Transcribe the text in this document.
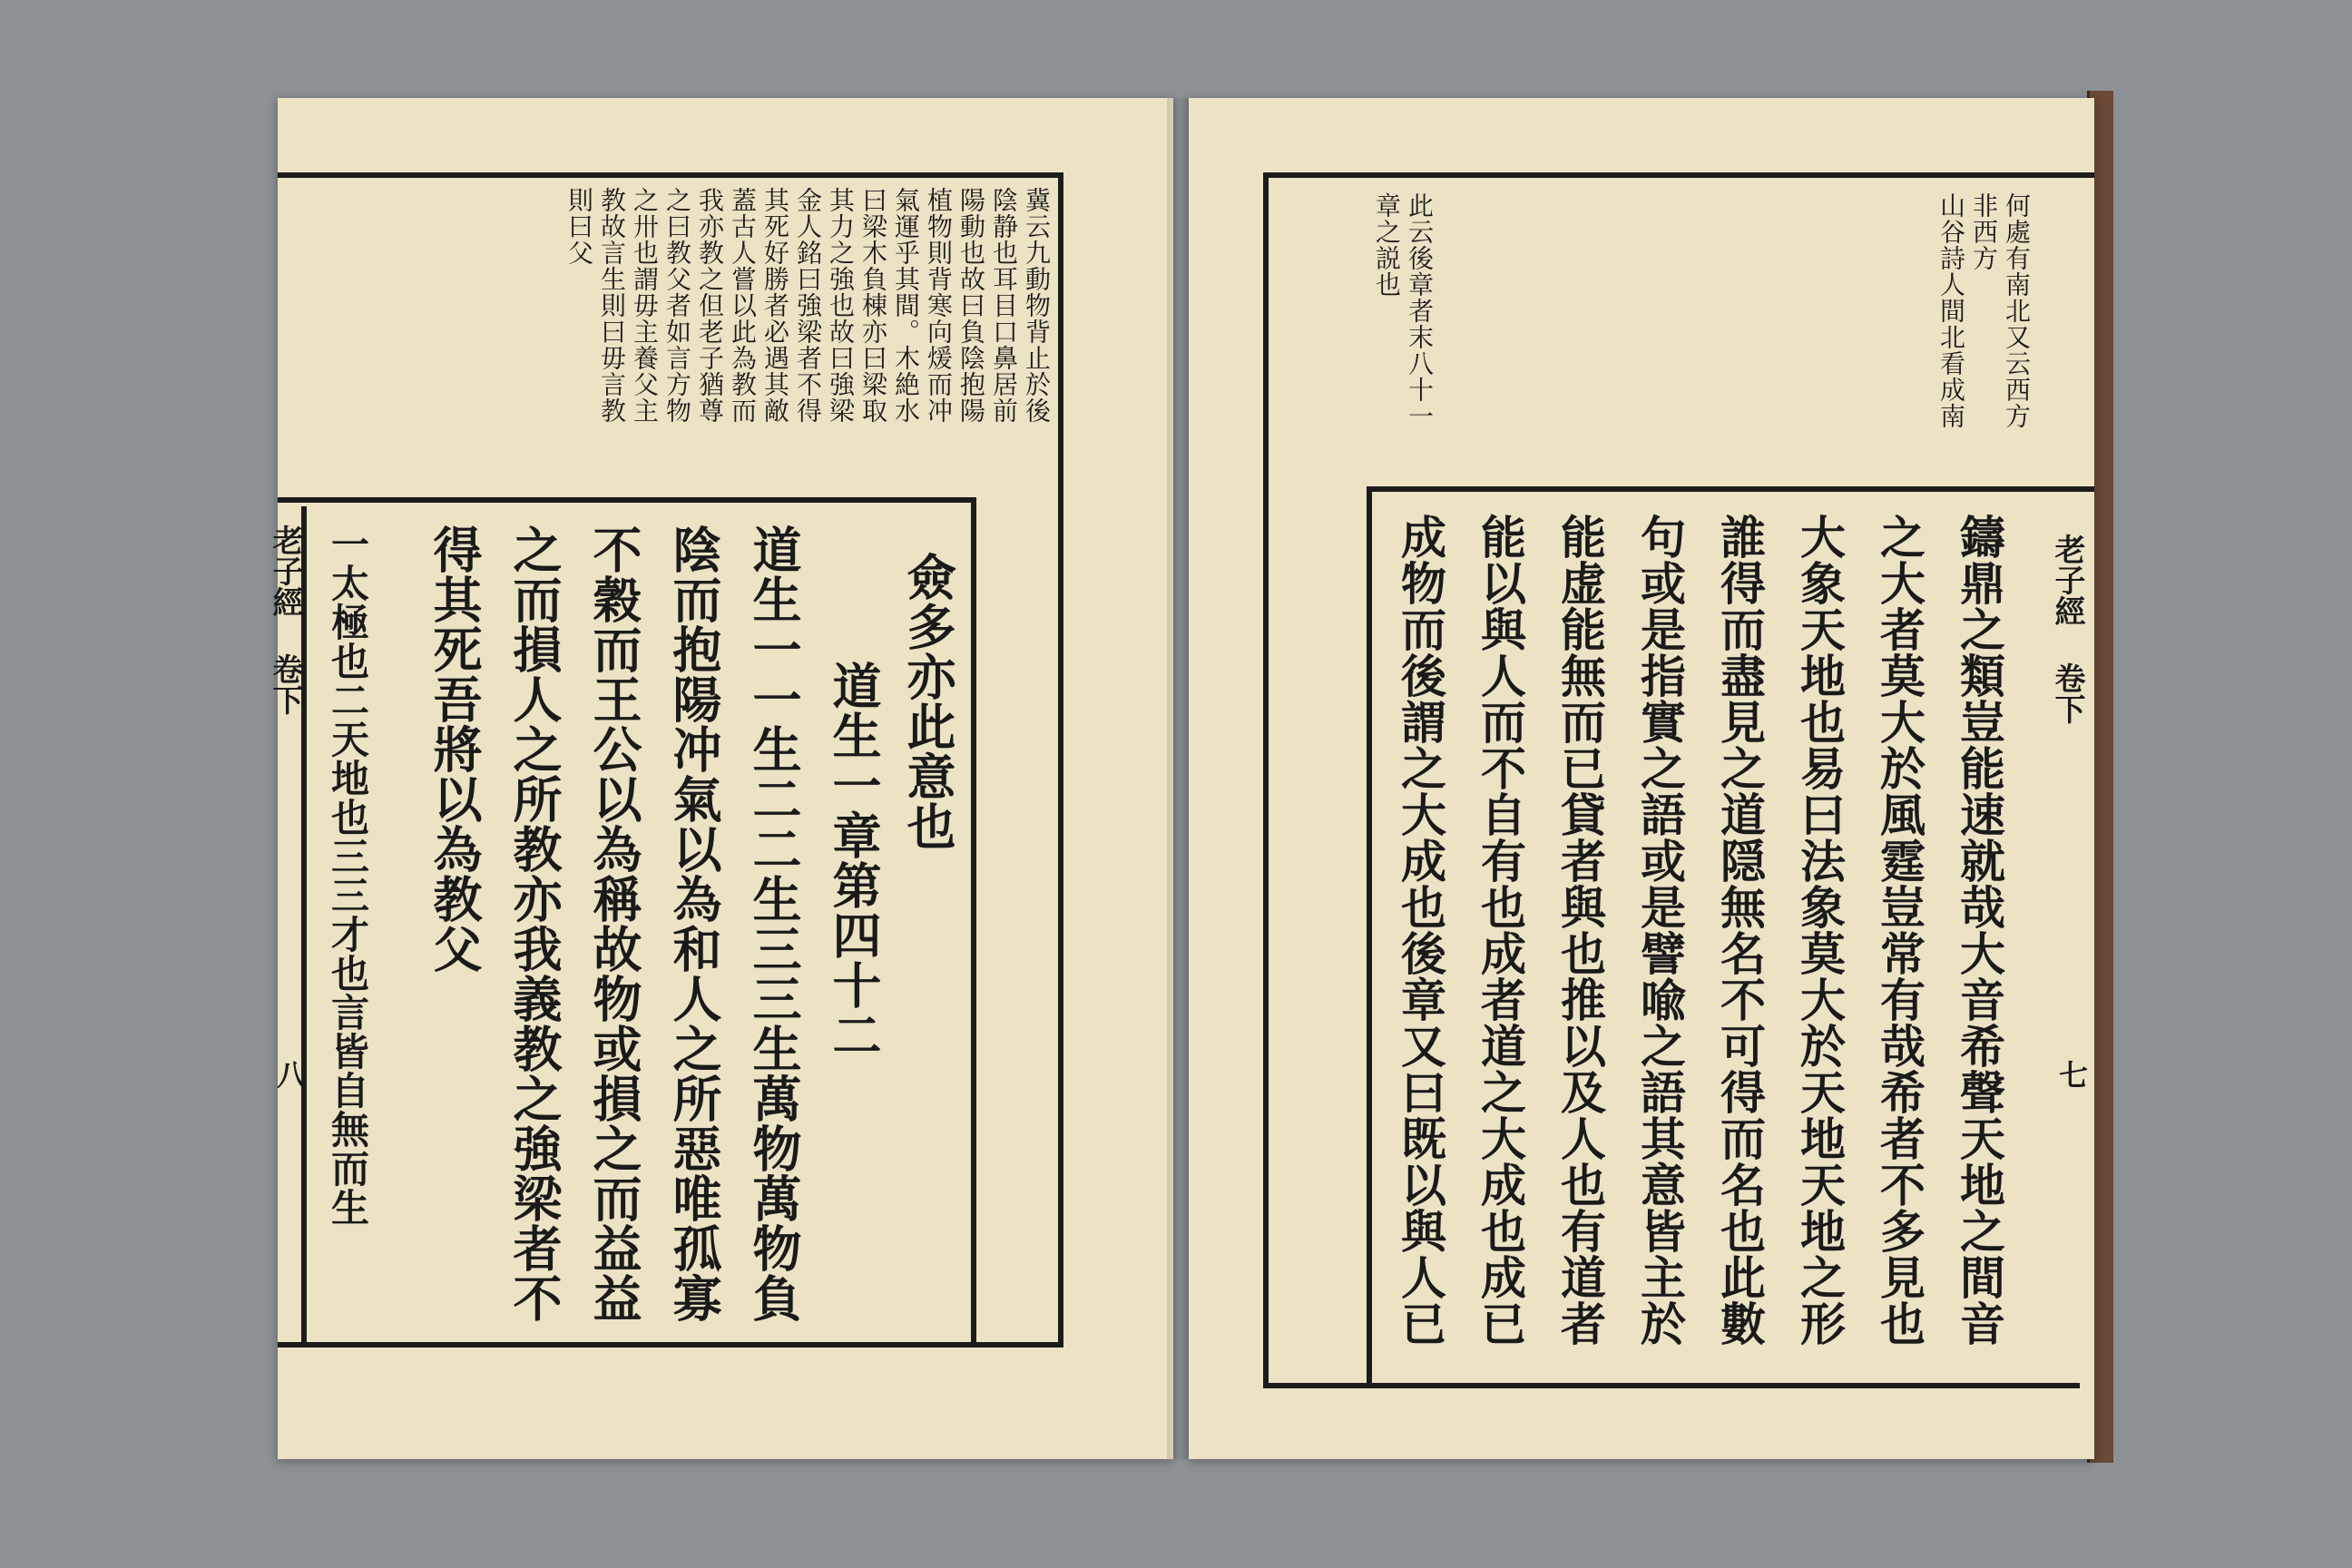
冀云九動物背止於後
陰静也耳目口鼻居前
陽動也故曰負陰抱陽
植物則背寒向煖而冲
氣運乎其間。木絶水
曰梁木負棟亦曰梁取
其力之強也故曰強梁
金人銘曰強梁者不得
其死好勝者必遇其敵
蓋古人嘗以此為教而
我亦教之但老子猶尊
之曰教父者如言方物
之卅也謂毋主養父主
教故言生則曰毋言教
則曰父
僉多亦此意也
道生一章第四十二
道生一一生二二生三三生萬物萬物負
陰而抱陽冲氣以為和人之所惡唯孤寡
不穀而王公以為稱故物或損之而益益
之而損人之所教亦我義教之強梁者不
得其死吾將以為教父
一太極也二天地也三三才也言皆自無而生
老子經 卷下
八
何處有南北又云西方
非西方
山谷詩人間北看成南
此云後章者末八十一
章之説也
鑄鼎之類豈能速就哉大音希聲天地之間音
之大者莫大於風霆豈常有哉希者不多見也
大象天地也易曰法象莫大於天地天地之形
誰得而盡見之道隠無名不可得而名也此數
句或是指實之語或是譬喩之語其意皆主於
能虚能無而已貸者與也推以及人也有道者
能以與人而不自有也成者道之大成也成已
成物而後謂之大成也後章又曰既以與人已	老子經 卷下
七
